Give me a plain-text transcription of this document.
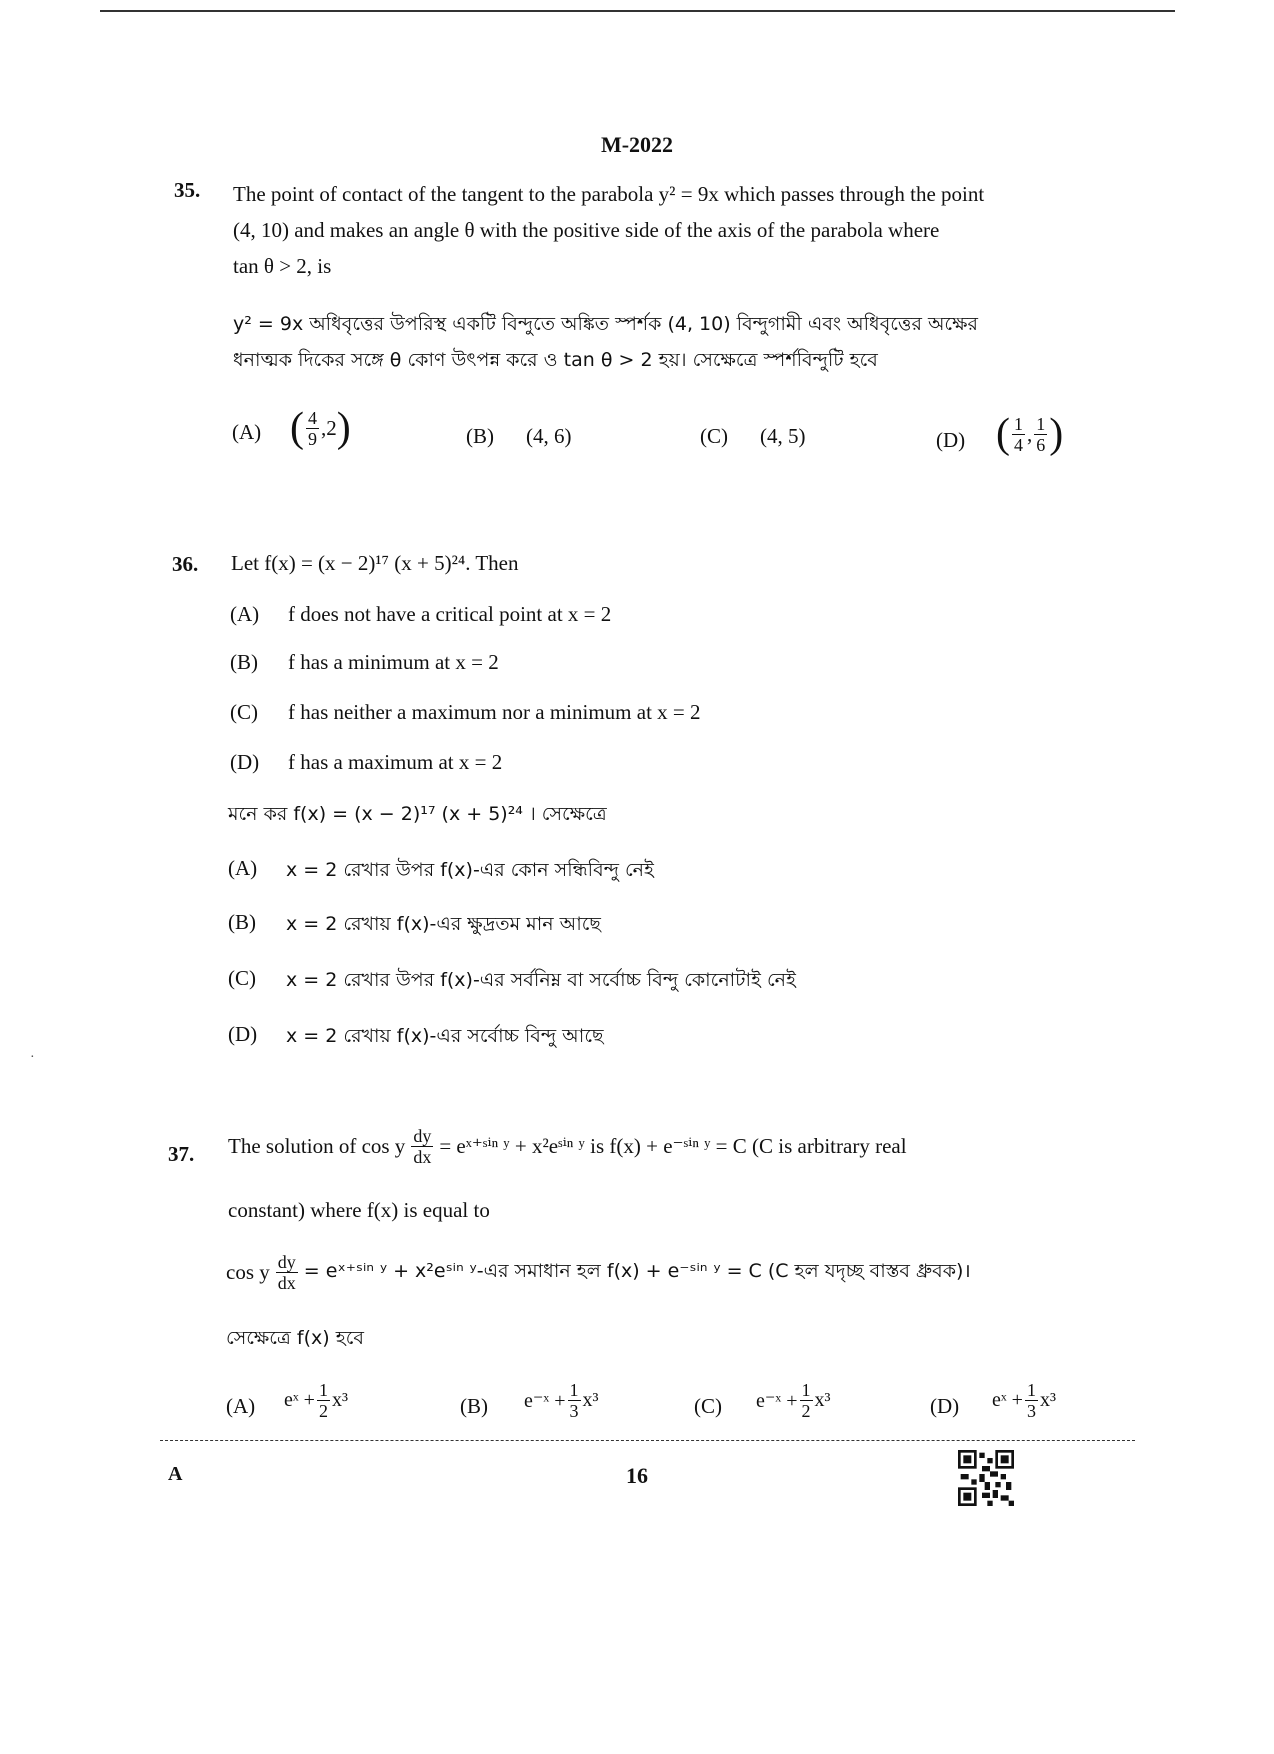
M-2022
35. The point of contact of the tangent to the parabola y² = 9x which passes through the point
(4, 10) and makes an angle θ with the positive side of the axis of the parabola where
tan θ > 2, is
y² = 9x অধিবৃত্তের উপরিস্থ একটি বিন্দুতে অঙ্কিত স্পর্শক (4, 10) বিন্দুগামী এবং অধিবৃত্তের অক্ষের
ধনাত্মক দিকের সঙ্গে θ কোণ উৎপন্ন করে ও tan θ > 2 হয়। সেক্ষেত্রে স্পর্শবিন্দুটি হবে
(A) ( $\frac{4}{9} ,2$ )	(B) (4, 6)	(C) (4, 5)	(D) ( $\frac{1}{4}$ , $\frac{1}{6}$ )
36. Let f(x) = (x − 2)¹⁷ (x + 5)²⁴. Then
(A) f does not have a critical point at x = 2
(B) f has a minimum at x = 2
(C) f has neither a maximum nor a minimum at x = 2
(D) f has a maximum at x = 2
মনে কর f(x) = (x − 2)¹⁷ (x + 5)²⁴ । সেক্ষেত্রে
(A) x = 2 রেখার উপর f(x)-এর কোন সন্ধিবিন্দু নেই
(B) x = 2 রেখায় f(x)-এর ক্ষুদ্রতম মান আছে
(C) x = 2 রেখার উপর f(x)-এর সর্বনিম্ন বা সর্বোচ্চ বিন্দু কোনোটাই নেই
(D) x = 2 রেখায় f(x)-এর সর্বোচ্চ বিন্দু আছে
37. The solution of cos y $\frac{dy}{dx}$ = eˣ⁺ˢⁱⁿ ʸ + x²eˢⁱⁿ ʸ is f(x) + e⁻ˢⁱⁿ ʸ = C (C is arbitrary real
constant) where f(x) is equal to
cos y $\frac{dy}{dx}$ = eˣ⁺ˢⁱⁿ ʸ + x²eˢⁱⁿ ʸ-এর সমাধান হল f(x) + e⁻ˢⁱⁿ ʸ = C (C হল যদৃচ্ছ বাস্তব ধ্রুবক)।
সেক্ষেত্রে f(x) হবে
(A) eˣ + $\frac{1}{2} x^3$	(B) e⁻ˣ + $\frac{1}{3} x^3$	(C) e⁻ˣ + $\frac{1}{2} x^3$	(D) eˣ + $\frac{1}{3} x^3$
A	16
·
